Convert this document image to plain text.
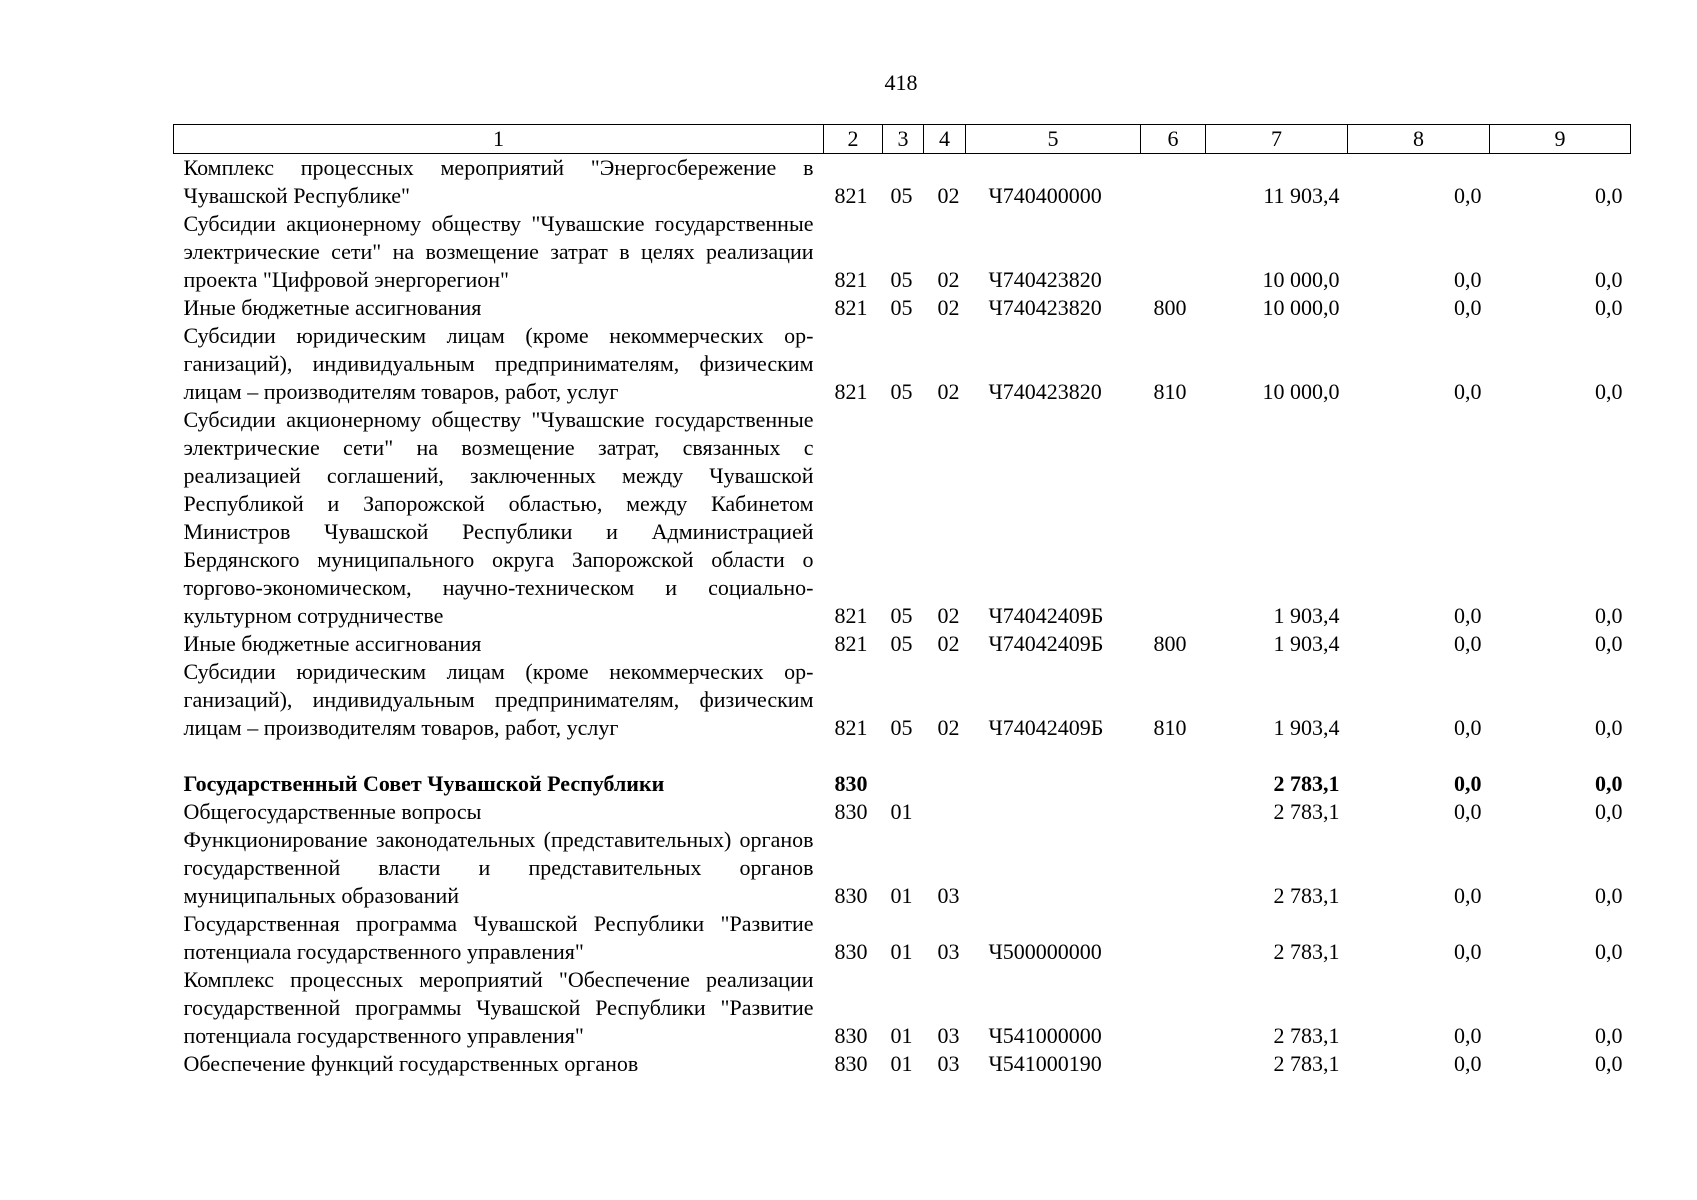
418
1	2	3	4	5	6	7	8	9
Комплекс процессных мероприятий "Энергосбережение в Чувашской Республике"	821	05	02	Ч740400000		11 903,4	0,0	0,0
Субсидии акционерному обществу "Чувашские государственные электрические сети" на возмещение затрат в целях реализации проекта "Цифровой энергорегион"	821	05	02	Ч740423820		10 000,0	0,0	0,0
Иные бюджетные ассигнования	821	05	02	Ч740423820	800	10 000,0	0,0	0,0
Субсидии юридическим лицам (кроме некоммерческих организаций), индивидуальным предпринимателям, физическим лицам – производителям товаров, работ, услуг	821	05	02	Ч740423820	810	10 000,0	0,0	0,0
Субсидии акционерному обществу "Чувашские государственные электрические сети" на возмещение затрат, связанных с реализацией соглашений, заключенных между Чувашской Республикой и Запорожской областью, между Кабинетом Министров Чувашской Республики и Администрацией Бердянского муниципального округа Запорожской области о торгово-экономическом, научно-техническом и социально-культурном сотрудничестве	821	05	02	Ч74042409Б		1 903,4	0,0	0,0
Иные бюджетные ассигнования	821	05	02	Ч74042409Б	800	1 903,4	0,0	0,0
Субсидии юридическим лицам (кроме некоммерческих организаций), индивидуальным предпринимателям, физическим лицам – производителям товаров, работ, услуг	821	05	02	Ч74042409Б	810	1 903,4	0,0	0,0

Государственный Совет Чувашской Республики	830					2 783,1	0,0	0,0
Общегосударственные вопросы	830	01				2 783,1	0,0	0,0
Функционирование законодательных (представительных) органов государственной власти и представительных органов муниципальных образований	830	01	03			2 783,1	0,0	0,0
Государственная программа Чувашской Республики "Развитие потенциала государственного управления"	830	01	03	Ч500000000		2 783,1	0,0	0,0
Комплекс процессных мероприятий "Обеспечение реализации государственной программы Чувашской Республики "Развитие потенциала государственного управления"	830	01	03	Ч541000000		2 783,1	0,0	0,0
Обеспечение функций государственных органов	830	01	03	Ч541000190		2 783,1	0,0	0,0
